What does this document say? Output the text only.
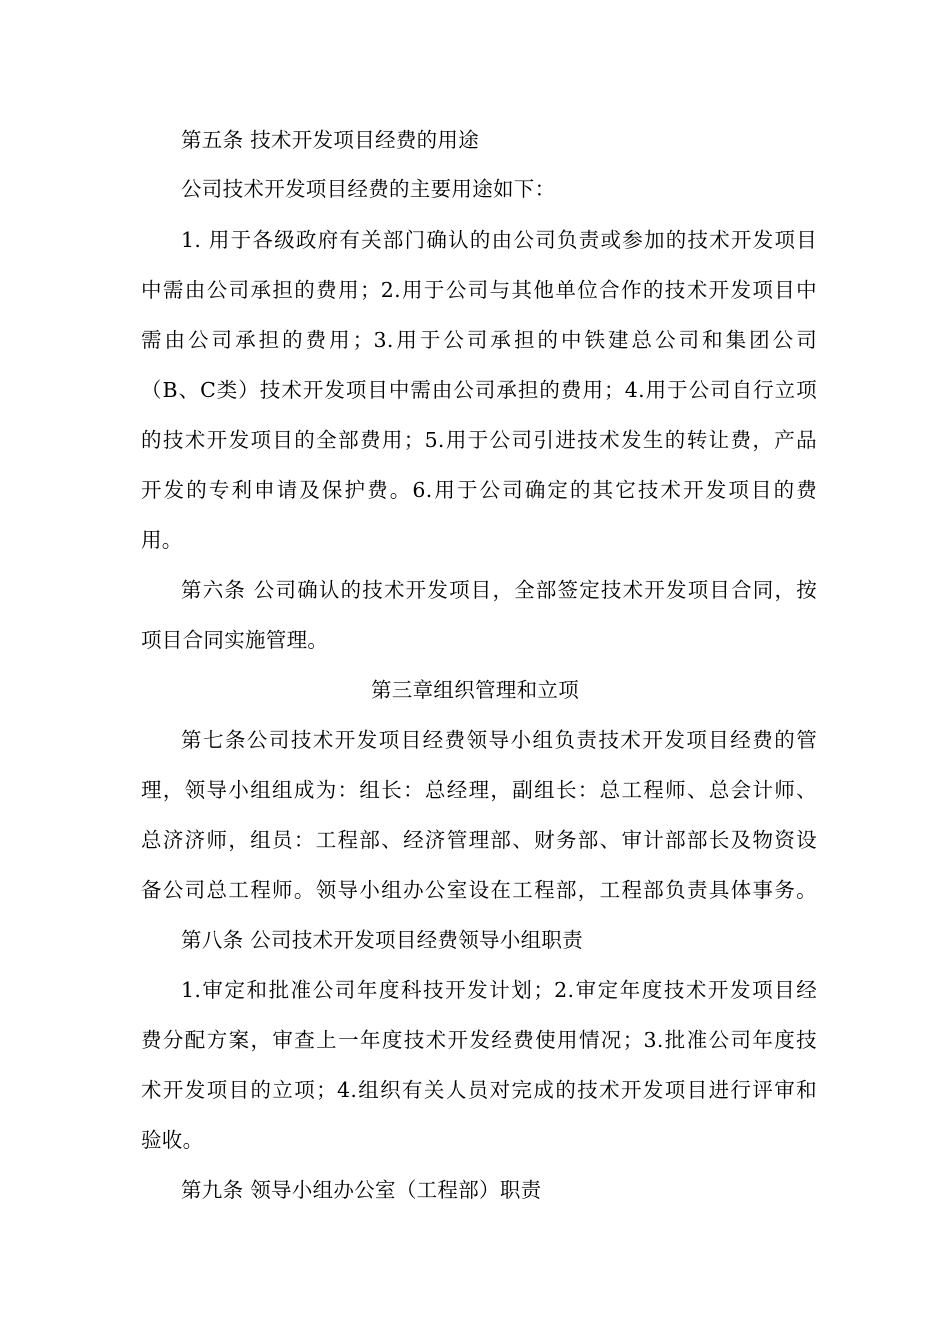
第五条 技术开发项目经费的用途
公司技术开发项目经费的主要用途如下：
1. 用于各级政府有关部门确认的由公司负责或参加的技术开发项目
中需由公司承担的费用；2.用于公司与其他单位合作的技术开发项目中
需由公司承担的费用；3.用于公司承担的中铁建总公司和集团公司
（B、C类）技术开发项目中需由公司承担的费用；4.用于公司自行立项
的技术开发项目的全部费用；5.用于公司引进技术发生的转让费，产品
开发的专利申请及保护费。6.用于公司确定的其它技术开发项目的费
用。
第六条 公司确认的技术开发项目，全部签定技术开发项目合同，按
项目合同实施管理。
第三章组织管理和立项
第七条公司技术开发项目经费领导小组负责技术开发项目经费的管
理，领导小组组成为：组长：总经理，副组长：总工程师、总会计师、
总济济师，组员：工程部、经济管理部、财务部、审计部部长及物资设
备公司总工程师。领导小组办公室设在工程部，工程部负责具体事务。
第八条 公司技术开发项目经费领导小组职责
1.审定和批准公司年度科技开发计划；2.审定年度技术开发项目经
费分配方案，审查上一年度技术开发经费使用情况；3.批准公司年度技
术开发项目的立项；4.组织有关人员对完成的技术开发项目进行评审和
验收。
第九条 领导小组办公室（工程部）职责
